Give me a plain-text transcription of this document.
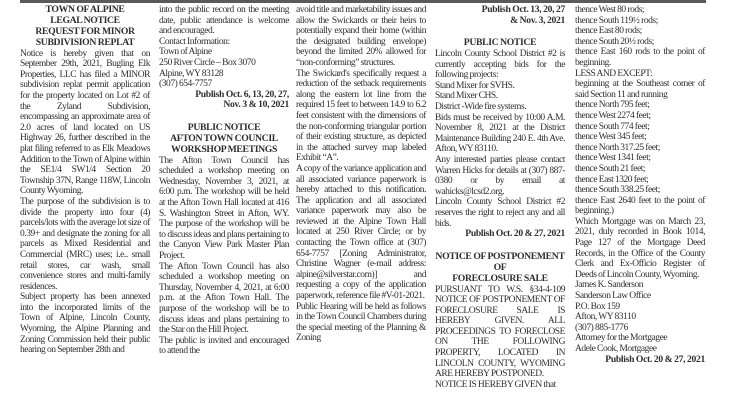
TOWN OF ALPINE
LEGAL NOTICE
REQUEST FOR MINOR
SUBDIVISION REPLAT

Notice is hereby given that on September 29th, 2021, Bugling Elk Properties, LLC has filed a MINOR subdivision replat permit application for the property located on Lot #2 of the Zyland Subdivision, encompassing an approximate area of 2.0 acres of land located on US Highway 26, further described in the plat filing referred to as Elk Meadows Addition to the Town of Alpine within the SE1/4 SW1/4 Section 20 Township 37N, Range 118W, Lincoln County Wyoming.

The purpose of the subdivision is to divide the property into four (4) parcels/lots with the average lot size of 0.39+ and designate the zoning for all parcels as Mixed Residential and Commercial (MRC) uses; i.e.. small retail stores, car wash, small convenience stores and multi-family residences.

Subject property has been annexed into the incorporated limits of the Town of Alpine, Lincoln County, Wyoming, the Alpine Planning and Zoning Commission held their public hearing on September 28th and

into the public record on the meeting date, public attendance is welcome and encouraged.

Contact Information:

Town of Alpine

250 River Circle – Box 3070

Alpine, WY 83128

(307) 654-7757

Publish Oct. 6, 13, 20, 27,
Nov. 3 & 10, 2021
PUBLIC NOTICE
AFTON TOWN COUNCIL
WORKSHOP MEETINGS

The Afton Town Council has scheduled a workshop meeting on Wednesday, November 3, 2021, at 6:00 p.m. The workshop will be held at the Afton Town Hall located at 416 S. Washington Street in Afton, WY. The purpose of the workshop will be to discuss ideas and plans pertaining to the Canyon View Park Master Plan Project.

The Afton Town Council has also scheduled a workshop meeting on Thursday, November 4, 2021, at 6:00 p.m. at the Afton Town Hall. The purpose of the workshop will be to discuss ideas and plans pertaining to the Star on the Hill Project.

The public is invited and encouraged to attend the

avoid title and marketability issues and allow the Swickards or their heirs to potentially expand their home (within the designated building envelope) beyond the limited 20% allowed for “non-conforming” structures.

The Swickard's specifically request a reduction of the setback requirements along the eastern lot line from the required 15 feet to between 14.9 to 6.2 feet consistent with the dimensions of the non-conforming triangular portion of their existing structure, as depicted in the attached survey map labeled Exhibit “A”.

A copy of the variance application and all associated variance paperwork is hereby attached to this notification. The application and all associated variance paperwork may also be reviewed at the Alpine Town Hall located at 250 River Circle; or by contacting the Town office at (307) 654-7757 [Zoning Administrator, Christine Wagner (e-mail address: alpine@silverstar.com)] and requesting a copy of the application paperwork, reference file #V-01-2021.

Public Hearing will be held as follows in the Town Council Chambers during the special meeting of the Planning & Zoning

Publish Oct. 13, 20, 27
& Nov. 3, 2021
PUBLIC NOTICE

Lincoln County School District #2 is currently accepting bids for the following projects:

Stand Mixer for SVHS.

Stand Mixer CHS.

District -Wide fire systems.

Bids must be received by 10:00 A.M. November 8, 2021 at the District Maintenance Building 240 E. 4th Ave. Afton, WY 83110.

Any interested parties please contact Warren Hicks for details at (307) 887-0380 or by email at wahicks@lcsd2.org.

Lincoln County School District #2 reserves the right to reject any and all bids.

Publish Oct. 20 & 27, 2021
NOTICE OF POSTPONEMENT
OF
FORECLOSURE SALE

PURSUANT TO W.S. §34-4-109 NOTICE OF POSTPONEMENT OF FORECLOSURE SALE IS HEREBY GIVEN. ALL PROCEEDINGS TO FORECLOSE ON THE FOLLOWING PROPERTY, LOCATED IN LINCOLN COUNTY, WYOMING ARE HEREBY POSTPONED.

NOTICE IS HEREBY GIVEN that

thence West 80 rods;

thence South 119½ rods;

thence East 80 rods;

thence South 20½ rods;

thence East 160 rods to the point of beginning.

LESS AND EXCEPT:

beginning at the Southeast corner of said Section 11 and running

thence North 795 feet;

thence West 2274 feet;

thence South 774 feet;

thence West 345 feet;

thence North 317.25 feet;

thence West 1341 feet;

thence South 21 feet;

thence East 1320 feet;

thence South 338.25 feet;

thence East 2640 feet to the point of beginning.)

Which Mortgage was on March 23, 2021, duly recorded in Book 1014, Page 127 of the Mortgage Deed Records, in the Office of the County Clerk and Ex-Officio Register of Deeds of Lincoln County, Wyoming.

James K. Sanderson

Sanderson Law Office

P.O. Box 159

Afton, WY 83110

(307) 885-1776

Attorney for the Mortgagee

Adele Cook, Mortgagee

Publish Oct. 20 & 27, 2021
